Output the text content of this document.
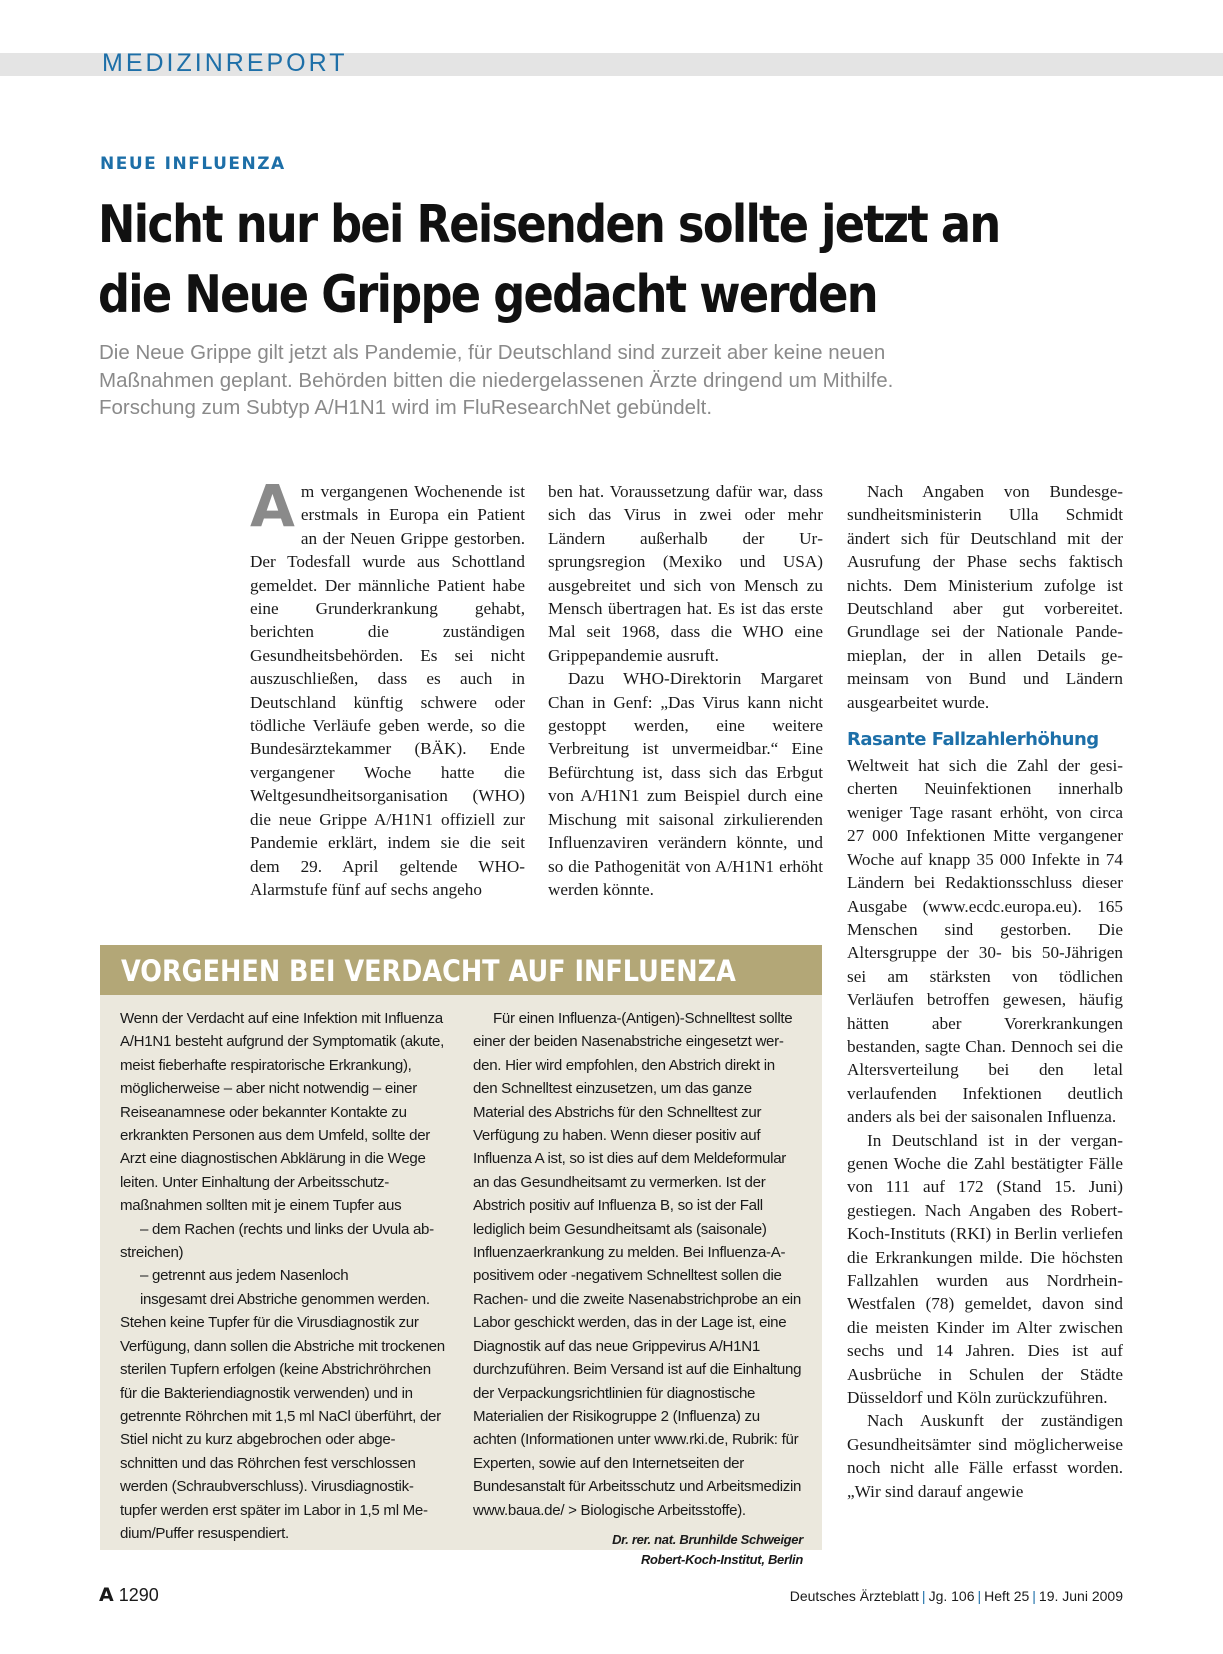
MEDIZINREPORT
NEUE INFLUENZA
Nicht nur bei Reisenden sollte jetzt an
die Neue Grippe gedacht werden
Die Neue Grippe gilt jetzt als Pandemie, für Deutschland sind zurzeit aber keine neuen
Maßnahmen geplant. Behörden bitten die niedergelassenen Ärzte dringend um Mithilfe.
Forschung zum Subtyp A/H1N1 wird im FluResearchNet gebündelt.
A m vergangenen Wochenende ist erstmals in Europa ein Patient an der Neuen Grippe gestorben. Der Todesfall wurde aus Schottland gemeldet. Der männliche Patient habe eine Grunderkrankung gehabt, berichten die zuständigen Gesundheitsbehörden. Es sei nicht auszuschließen, dass es auch in Deutschland künftig schwere oder tödliche Verläufe geben werde, so die Bundesärztekammer (BÄK). Ende vergangener Woche hatte die Weltgesundheitsorganisation (WHO) die neue Grippe A/H1N1 offiziell zur Pandemie erklärt, indem sie die seit dem 29. April geltende WHO-Alarmstufe fünf auf sechs angeho

ben hat. Voraussetzung dafür war, dass sich das Virus in zwei oder mehr Ländern außerhalb der Ursprungsregion (Mexiko und USA) ausgebreitet und sich von Mensch zu Mensch übertragen hat. Es ist das erste Mal seit 1968, dass die WHO eine Grippepandemie ausruft.

Dazu WHO-Direktorin Margaret Chan in Genf: „Das Virus kann nicht gestoppt werden, eine weitere Verbreitung ist unvermeidbar.“ Eine Befürchtung ist, dass sich das Erbgut von A/H1N1 zum Beispiel durch eine Mischung mit saisonal zirkulierenden Influenzaviren verändern könnte, und so die Pathogenität von A/H1N1 erhöht werden könnte.

Nach Angaben von Bundesgesundheitsministerin Ulla Schmidt ändert sich für Deutschland mit der Ausrufung der Phase sechs faktisch nichts. Dem Ministerium zufolge ist Deutschland aber gut vorbereitet. Grundlage sei der Nationale Pandemieplan, der in allen Details gemeinsam von Bund und Ländern ausgearbeitet wurde.

Rasante Fallzahlerhöhung

Weltweit hat sich die Zahl der gesicherten Neuinfektionen innerhalb weniger Tage rasant erhöht, von circa 27 000 Infektionen Mitte vergangener Woche auf knapp 35 000 Infekte in 74 Ländern bei Redaktionsschluss dieser Ausgabe (www.ecdc.​europa.eu). 165 Menschen sind gestorben. Die Altersgruppe der 30- bis 50-Jährigen sei am stärksten von tödlichen Verläufen betroffen gewesen, häufig hätten aber Vorerkrankungen bestanden, sagte Chan. Dennoch sei die Altersverteilung bei den letal verlaufenden Infektionen deutlich anders als bei der saisonalen Influenza.

In Deutschland ist in der vergangenen Woche die Zahl bestätigter Fälle von 111 auf 172 (Stand 15. Juni) gestiegen. Nach Angaben des Robert-Koch-Instituts (RKI) in Berlin verliefen die Erkrankungen milde. Die höchsten Fallzahlen wurden aus Nordrhein-Westfalen (78) gemeldet, davon sind die meisten Kinder im Alter zwischen sechs und 14 Jahren. Dies ist auf Ausbrüche in Schulen der Städte Düsseldorf und Köln zurückzuführen.

Nach Auskunft der zuständigen Gesundheitsämter sind möglicherweise noch nicht alle Fälle erfasst worden. „Wir sind darauf angewie

VORGEHEN BEI VERDACHT AUF INFLUENZA

Wenn der Verdacht auf eine Infektion mit Influenza A/H1N1 besteht aufgrund der Symptomatik (akute, meist fieberhafte respiratorische Erkrankung), möglicherweise – aber nicht notwendig – einer Reiseanamnese oder bekannter Kontakte zu erkrankten Personen aus dem Umfeld, sollte der Arzt eine diagnostischen Abklärung in die Wege leiten. Unter Einhaltung der Arbeitsschutzmaßnahmen sollten mit je einem Tupfer aus

– dem Rachen (rechts und links der Uvula abstreichen)

– getrennt aus jedem Nasenloch

insgesamt drei Abstriche genommen werden.

Stehen keine Tupfer für die Virusdiagnostik zur Verfügung, dann sollen die Abstriche mit trockenen sterilen Tupfern erfolgen (keine Abstrichröhrchen für die Bakteriendiagnostik verwenden) und in getrennte Röhrchen mit 1,5 ml NaCl überführt, der Stiel nicht zu kurz abgebrochen oder abgeschnitten und das Röhrchen fest verschlossen werden (Schraubverschluss). Virusdiagnostiktupfer werden erst später im Labor in 1,5 ml Medium/Puffer resuspendiert.

Für einen Influenza-(Antigen)-Schnelltest sollte einer der beiden Nasenabstriche eingesetzt werden. Hier wird empfohlen, den Abstrich direkt in den Schnelltest einzusetzen, um das ganze Material des Abstrichs für den Schnelltest zur Verfügung zu haben. Wenn dieser positiv auf Influenza A ist, so ist dies auf dem Meldeformular an das Gesundheitsamt zu vermerken. Ist der Abstrich positiv auf Influenza B, so ist der Fall lediglich beim Gesundheitsamt als (saisonale) Influenzaerkrankung zu melden. Bei Influenza-A-positivem oder -negativem Schnelltest sollen die Rachen- und die zweite Nasenabstrichprobe an ein Labor geschickt werden, das in der Lage ist, eine Diagnostik auf das neue Grippevirus A/H1N1 durchzuführen. Beim Versand ist auf die Einhaltung der Verpackungsrichtlinien für diagnostische Materialien der Risikogruppe 2 (Influenza) zu achten (Informationen unter www.rki.de, Rubrik: für Experten, sowie auf den Internetseiten der Bundesanstalt für Arbeitsschutz und Arbeitsmedizin www.baua.de/ > Biologische Arbeitsstoffe).

Dr. rer. nat. Brunhilde Schweiger
Robert-Koch-Institut, Berlin
A 1290	Deutsches Ärzteblatt | Jg. 106 | Heft 25 | 19. Juni 2009
